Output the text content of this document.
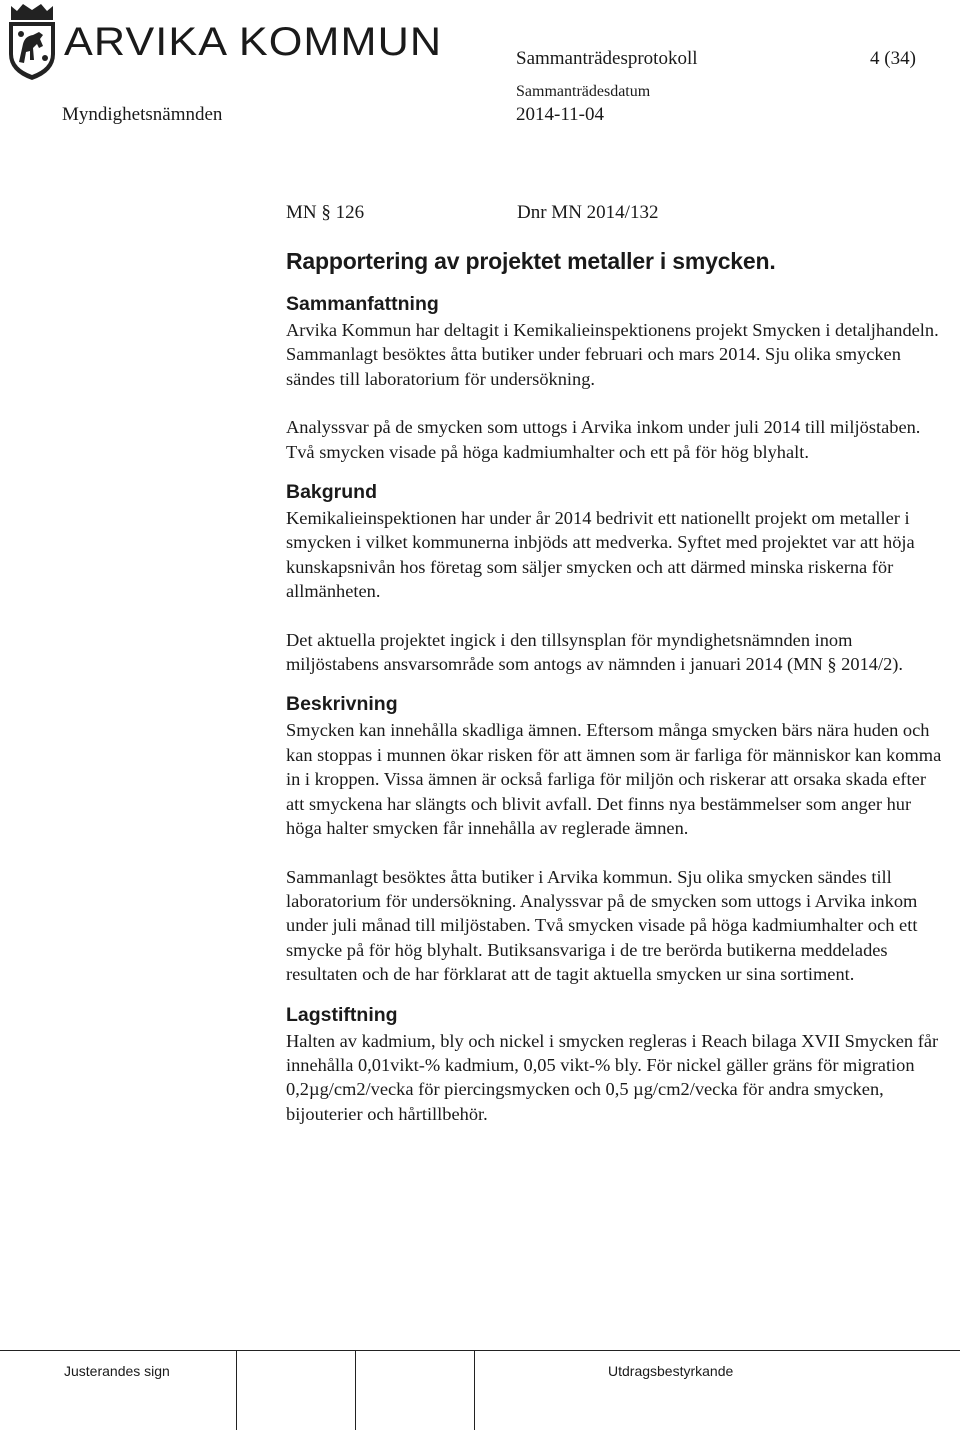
ARVIKA KOMMUN	Sammanträdesprotokoll	4 (34)
Sammanträdesdatum
Myndighetsnämnden	2014-11-04
MN § 126	Dnr MN 2014/132
Rapportering av projektet metaller i smycken.
Sammanfattning

Arvika Kommun har deltagit i Kemikalieinspektionens projekt Smycken i detaljhandeln. Sammanlagt besöktes åtta butiker under februari och mars 2014. Sju olika smycken sändes till laboratorium för undersökning.

Analyssvar på de smycken som uttogs i Arvika inkom under juli 2014 till miljöstaben. Två smycken visade på höga kadmiumhalter och ett på för hög blyhalt.

Bakgrund

Kemikalieinspektionen har under år 2014 bedrivit ett nationellt projekt om metaller i smycken i vilket kommunerna inbjöds att medverka. Syftet med projektet var att höja kunskapsnivån hos företag som säljer smycken och att därmed minska riskerna för allmänheten.

Det aktuella projektet ingick i den tillsynsplan för myndighetsnämnden inom miljöstabens ansvarsområde som antogs av nämnden i januari 2014 (MN § 2014/2).

Beskrivning

Smycken kan innehålla skadliga ämnen. Eftersom många smycken bärs nära huden och kan stoppas i munnen ökar risken för att ämnen som är farliga för människor kan komma in i kroppen. Vissa ämnen är också farliga för miljön och riskerar att orsaka skada efter att smyckena har slängts och blivit avfall. Det finns nya bestämmelser som anger hur höga halter smycken får innehålla av reglerade ämnen.

Sammanlagt besöktes åtta butiker i Arvika kommun. Sju olika smycken sändes till laboratorium för undersökning. Analyssvar på de smycken som uttogs i Arvika inkom under juli månad till miljöstaben. Två smycken visade på höga kadmiumhalter och ett smycke på för hög blyhalt. Butiksansvariga i de tre berörda butikerna meddelades resultaten och de har förklarat att de tagit aktuella smycken ur sina sortiment.

Lagstiftning

Halten av kadmium, bly och nickel i smycken regleras i Reach bilaga XVII Smycken får innehålla 0,01vikt-% kadmium, 0,05 vikt-% bly. För nickel gäller gräns för migration 0,2µg/cm2/vecka för piercingsmycken och 0,5 µg/cm2/vecka för andra smycken, bijouterier och hårtillbehör.

Justerandes sign	Utdragsbestyrkande
